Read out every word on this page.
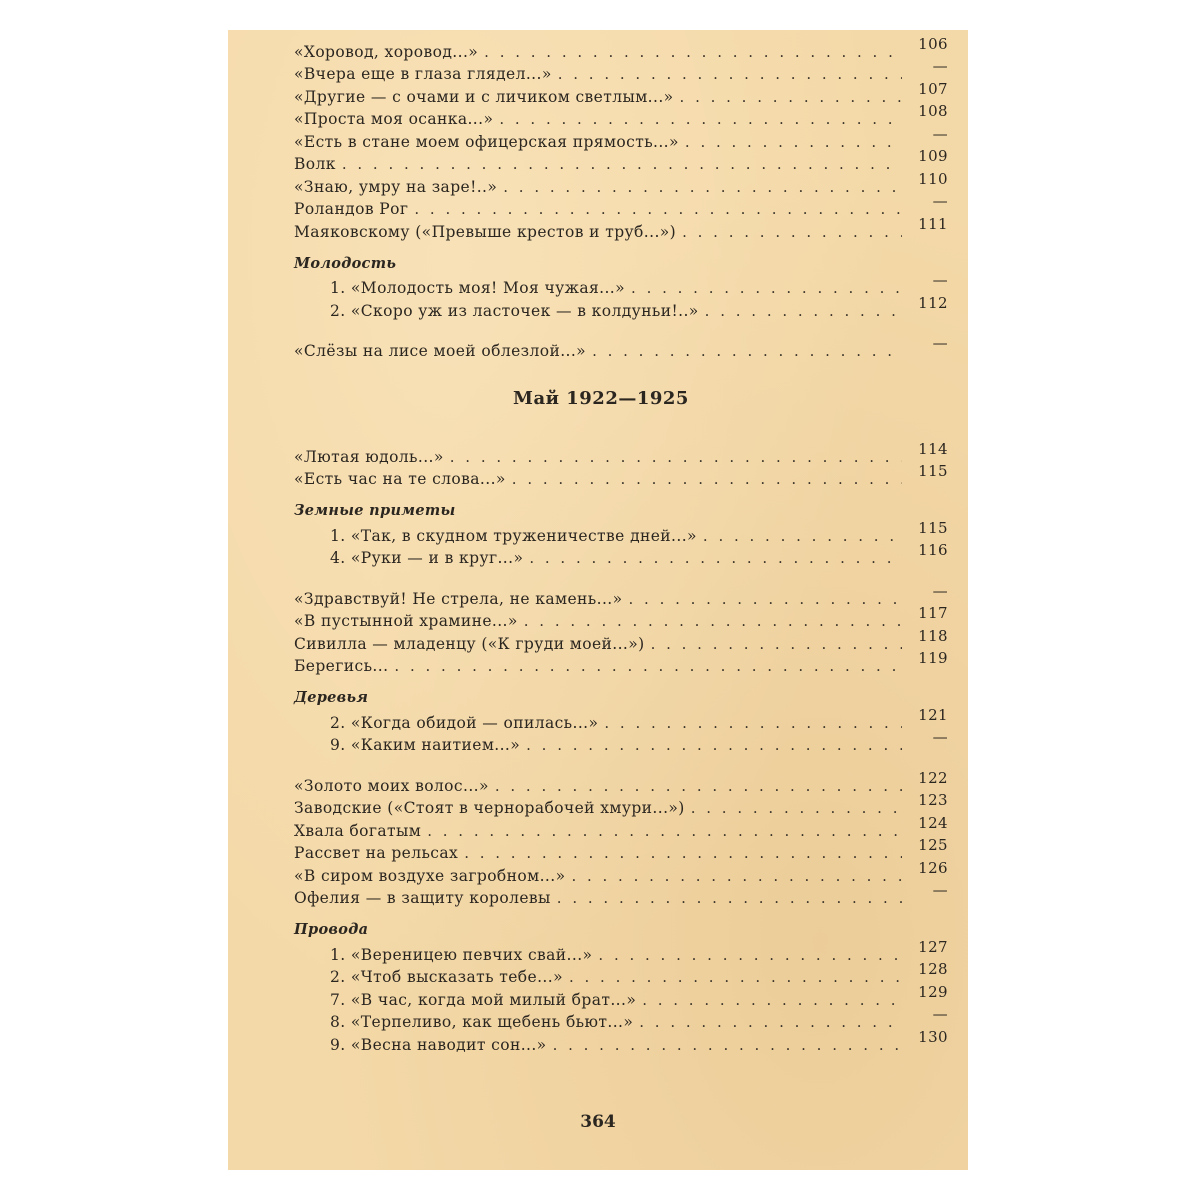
«Хоровод, хоровод...» . . .	106
«Вчера еще в глаза глядел...» . . .	—
«Другие — с очами и с личиком светлым...» . . .	107
«Проста моя осанка...» . . .	108
«Есть в стане моем офицерская прямость...» . . .	—
Волк . . .	109
«Знаю, умру на заре!..» . . .	110
Роландов Рог . . .	—
Маяковскому («Превыше крестов и труб...») . . .	111
Молодость
1. «Молодость моя! Моя чужая...» . . .	—
2. «Скоро уж из ласточек — в колдуньи!..» . . .	112
«Слёзы на лисе моей облезлой...» . . .	—
Май 1922—1925
«Лютая юдоль...» . . .	114
«Есть час на те слова...» . . .	115
Земные приметы
1. «Так, в скудном труженичестве дней...» . . .	115
4. «Руки — и в круг...» . . .	116
«Здравствуй! Не стрела, не камень...» . . .	—
«В пустынной храмине...» . . .	117
Сивилла — младенцу («К груди моей...») . . .	118
Берегись... . . .	119
Деревья
2. «Когда обидой — опилась...» . . .	121
9. «Каким наитием...» . . .	—
«Золото моих волос...» . . .	122
Заводские («Стоят в чернорабочей хмури...») . . .	123
Хвала богатым . . .	124
Рассвет на рельсах . . .	125
«В сиром воздухе загробном...» . . .	126
Офелия — в защиту королевы . . .	—
Провода
1. «Вереницею певчих свай...» . . .	127
2. «Чтоб высказать тебе...» . . .	128
7. «В час, когда мой милый брат...» . . .	129
8. «Терпеливо, как щебень бьют...» . . .	—
9. «Весна наводит сон...» . . .	130
364
